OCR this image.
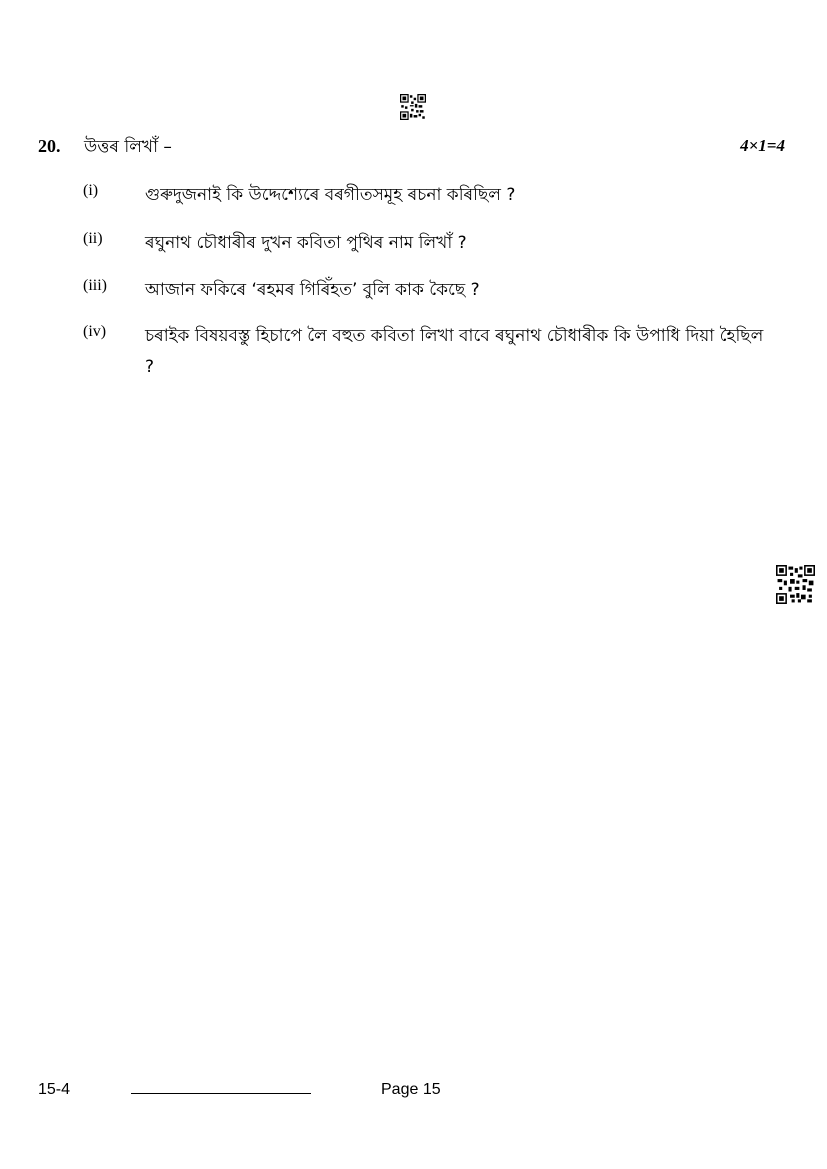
20. উত্তৰ লিখাঁ –	4×1=4
(i)	গুৰুদুজনাই কি উদ্দেশ্যেৰে বৰগীতসমূহ ৰচনা কৰিছিল ?
(ii) ৰঘুনাথ চৌধাৰীৰ দুখন কবিতা পুথিৰ নাম লিখাঁ ?
(iii) আজান ফকিৰে ‘ৰহমৰ গিৰিঁহত’ বুলি কাক কৈছে ?
(iv) চৰাইক বিষয়বস্তু হিচাপে লৈ বহুত কবিতা লিখা বাবে ৰঘুনাথ চৌধাৰীক কি উপাধি দিয়া হৈছিল ?
15-4	Page 15
